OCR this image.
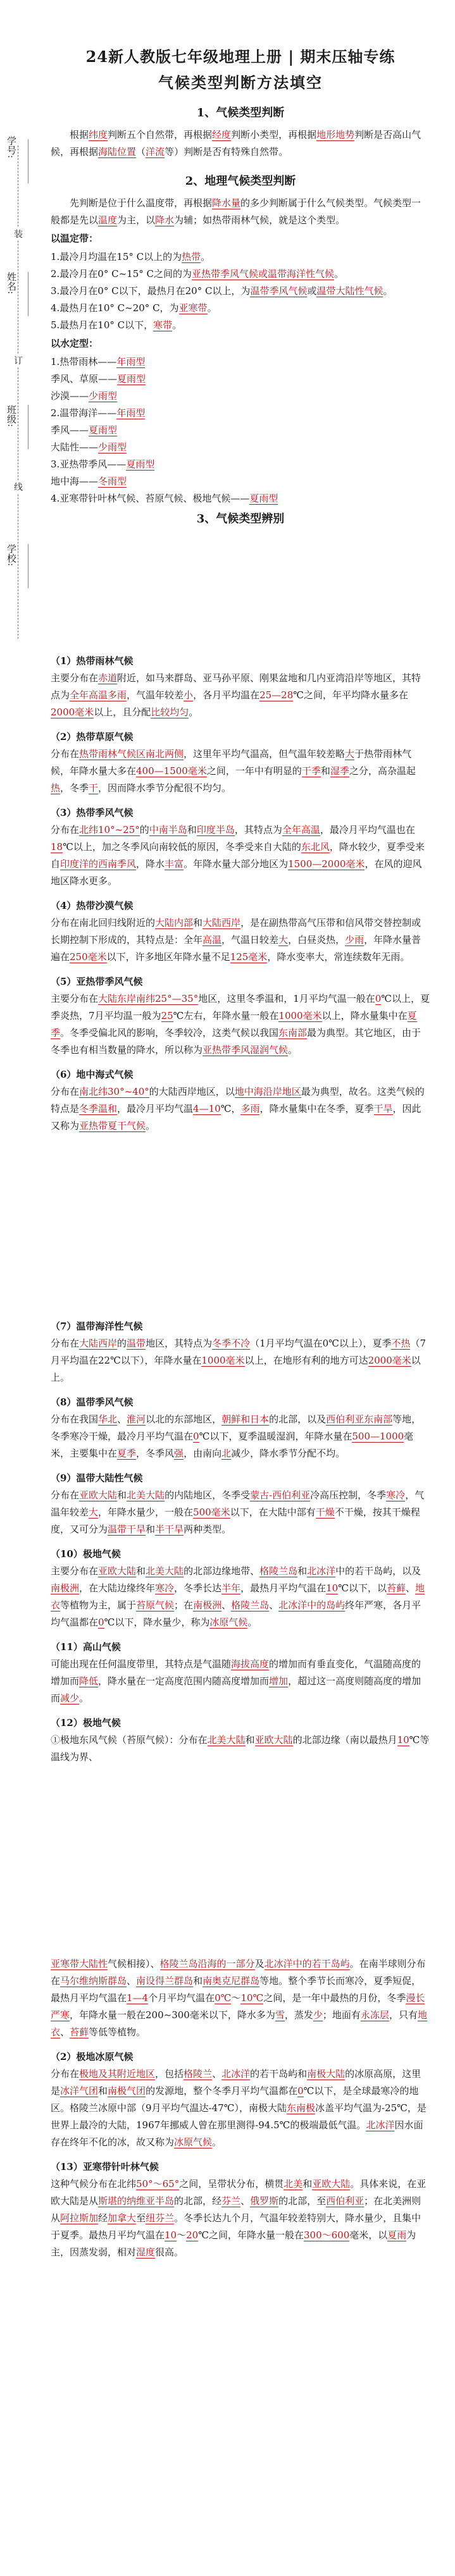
学号:
姓名:
班级:
学校:
装
订
线
24新人教版七年级地理上册 | 期末压轴专练
气候类型判断方法填空
1、气候类型判断

根据纬度判断五个自然带，再根据经度判断小类型，再根据地形地势判断是否高山气候，再根据海陆位置（洋流等）判断是否有特殊自然带。

2、地理气候类型判断

先判断是位于什么温度带，再根据降水量的多少判断属于什么气候类型。气候类型一般都是先以温度为主，以降水为辅；如热带雨林气候，就是这个类型。

以温定带：
1.最冷月均温在15° C以上的为热带。
2.最冷月在0° C~15° C之间的为亚热带季风气候或温带海洋性气候。
3.最冷月在0° C以下，最热月在20° C以上，为温带季风气候或温带大陆性气候。
4.最热月在10° C~20° C，为亚寒带。
5.最热月在10° C以下，寒带。
以水定型：
1.热带雨林——年雨型
季风、草原——夏雨型
沙漠——少雨型
2.温带海洋——年雨型
季风——夏雨型
大陆性——少雨型
3.亚热带季风——夏雨型
地中海——冬雨型
4.亚寒带针叶林气候、苔原气候、极地气候——夏雨型
3、气候类型辨别
（1）热带雨林气候

主要分布在赤道附近，如马来群岛、亚马孙平原、刚果盆地和几内亚湾沿岸等地区，其特点为全年高温多雨，气温年较差小，各月平均温在25—28℃之间，年平均降水量多在2000毫米以上，且分配比较均匀。

（2）热带草原气候

分布在热带雨林气候区南北两侧，这里年平均气温高，但气温年较差略大于热带雨林气候，年降水量大多在400—1500毫米之间，一年中有明显的干季和湿季之分，高杂温起热，冬季干，因而降水季节分配很不均匀。

（3）热带季风气候

分布在北纬10°~25°的中南半岛和印度半岛，其特点为全年高温，最冷月平均气温也在18℃以上，加之冬季风向南较低的原因，冬季受来自大陆的东北风，降水较少，夏季受来自印度洋的西南季风，降水丰富。年降水量大部分地区为1500—2000毫米，在风的迎风地区降水更多。

（4）热带沙漠气候

分布在南北回归线附近的大陆内部和大陆西岸，是在副热带高气压带和信风带交替控制或长期控制下形成的，其特点是：全年高温，气温日较差大，白昼炎热，少雨，年降水量普遍在250毫米以下，许多地区年降水量不足125毫米，降水变率大，常连续数年无雨。

（5）亚热带季风气候

主要分布在大陆东岸南纬25°—35°地区，这里冬季温和，1月平均气温一般在0℃以上，夏季炎热，7月平均温一般为25℃左右，年降水量一般在1000毫米以上，降水量集中在夏季。冬季受偏北风的影响，冬季较冷，这类气候以我国东南部最为典型。其它地区，由于冬季也有相当数量的降水，所以称为亚热带季风湿润气候。

（6）地中海式气候

分布在南北纬30°~40°的大陆西岸地区，以地中海沿岸地区最为典型，故名。这类气候的特点是冬季温和，最冷月平均气温4—10℃，多雨，降水量集中在冬季，夏季干旱，因此又称为亚热带夏干气候。

（7）温带海洋性气候

分布在大陆西岸的温带地区，其特点为冬季不冷（1月平均气温在0℃以上），夏季不热（7月平均温在22℃以下），年降水量在1000毫米以上，在地形有利的地方可达2000毫米以上。

（8）温带季风气候

分布在我国华北、淮河以北的东部地区，朝鲜和日本的北部，以及西伯利亚东南部等地，冬季寒冷干燥，最冷月平均气温在0℃以下，夏季温暖湿润，年降水量在500—1000毫米，主要集中在夏季，冬季风强，由南向北减少，降水季节分配不均。

（9）温带大陆性气候

分布在亚欧大陆和北美大陆的内陆地区，冬季受蒙古-西伯利亚冷高压控制，冬季寒冷，气温年较差大，年降水量少，一般在500毫米以下，在大陆中部有干燥不干燥，按其干燥程度，又可分为温带干旱和半干旱两种类型。

（10）极地气候

主要分布在亚欧大陆和北美大陆的北部边缘地带、格陵兰岛和北冰洋中的若干岛屿，以及南极洲，在大陆边缘终年寒冷，冬季长达半年，最热月平均气温在10℃以下，以苔藓、地衣等植物为主，属于苔原气候；在南极洲、格陵兰岛、北冰洋中的岛屿终年严寒，各月平均气温都在0℃以下，降水量少，称为冰原气候。

（11）高山气候

可能出现在任何温度带里，其特点是气温随海拔高度的增加而有垂直变化，气温随高度的增加而降低，降水量在一定高度范围内随高度增加而增加，超过这一高度则随高度的增加而减少。

（12）极地气候

①极地东风气候（苔原气候）：分布在北美大陆和亚欧大陆的北部边缘（南以最热月10℃等温线为界、

亚寒带大陆性气候相接）、格陵兰岛沿海的一部分及北冰洋中的若干岛屿。在南半球则分布在马尔维纳斯群岛、南设得兰群岛和南奥克尼群岛等地。整个季节长而寒冷，夏季短促，最热月平均气温在1—4个月平均气温在0℃～10℃之间，是一年中最热的月份，冬季漫长严寒，年降水量一般在200~300毫米以下，降水多为雪，蒸发少；地面有永冻层，只有地衣、苔藓等低等植物。

（2）极地冰原气候

分布在极地及其附近地区，包括格陵兰、北冰洋的若干岛屿和南极大陆的冰原高原，这里是冰洋气团和南极气团的发源地，整个冬季月平均气温都在0℃以下，是全球最寒冷的地区。格陵兰冰原中部（9月平均气温达-47℃），南极大陆东南极冰盖平均气温为-25℃，是世界上最冷的大陆，1967年挪威人曾在那里测得-94.5℃的极端最低气温。北冰洋因水面存在终年不化的冰，故又称为冰原气候。

（13）亚寒带针叶林气候

这种气候分布在北纬50°～65°之间，呈带状分布，横贯北美和亚欧大陆。具体来说，在亚欧大陆是从斯堪的纳维亚半岛的北部，经芬兰、俄罗斯的北部，至西伯利亚；在北美洲则从阿拉斯加经加拿大至纽芬兰。冬季长达九个月，气温年较差特别大，降水量少，且集中于夏季。最热月平均气温在10～20℃之间，年降水量一般在300～600毫米，以夏雨为主，因蒸发弱，相对湿度很高。
